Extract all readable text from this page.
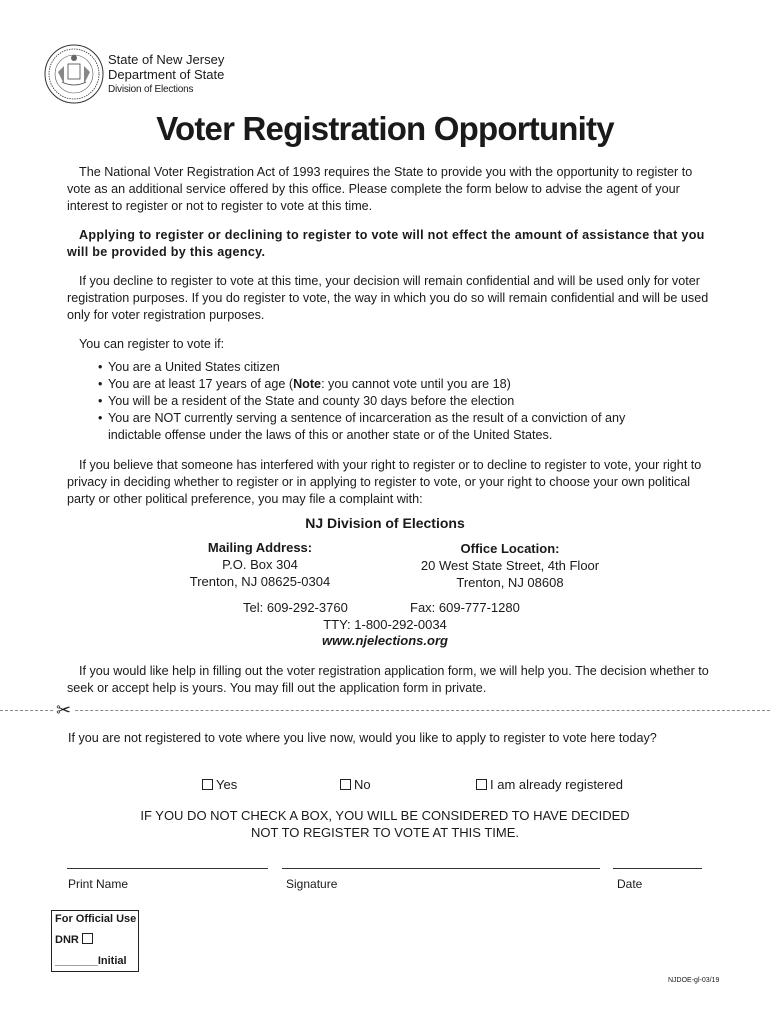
State of New Jersey
Department of State
Division of Elections
Voter Registration Opportunity

The National Voter Registration Act of 1993 requires the State to provide you with the opportunity to register to vote as an additional service offered by this office. Please complete the form below to advise the agent of your interest to register or not to register to vote at this time.

Applying to register or declining to register to vote will not effect the amount of assistance that you will be provided by this agency.

If you decline to register to vote at this time, your decision will remain confidential and will be used only for voter registration purposes. If you do register to vote, the way in which you do so will remain confidential and will be used only for voter registration purposes.

You can register to vote if:

• You are a United States citizen
• You are at least 17 years of age (Note: you cannot vote until you are 18)
• You will be a resident of the State and county 30 days before the election
• You are NOT currently serving a sentence of incarceration as the result of a conviction of any indictable offense under the laws of this or another state or of the United States.

If you believe that someone has interfered with your right to register or to decline to register to vote, your right to privacy in deciding whether to register or in applying to register to vote, or your right to choose your own political party or other political preference, you may file a complaint with:

NJ Division of Elections
Mailing Address:
P.O. Box 304
Trenton, NJ 08625-0304
Office Location:
20 West State Street, 4th Floor
Trenton, NJ 08608
Tel: 609-292-3760	Fax: 609-777-1280
TTY: 1-800-292-0034
www.njelections.org

If you would like help in filling out the voter registration application form, we will help you. The decision whether to seek or accept help is yours. You may fill out the application form in private.

✂

If you are not registered to vote where you live now, would you like to apply to register to vote here today?

Yes	No	I am already registered
IF YOU DO NOT CHECK A BOX, YOU WILL BE CONSIDERED TO HAVE DECIDED
NOT TO REGISTER TO VOTE AT THIS TIME.
Print Name	Signature	Date
For Official Use
DNR
_______Initial
NJDOE-gl-03/19
